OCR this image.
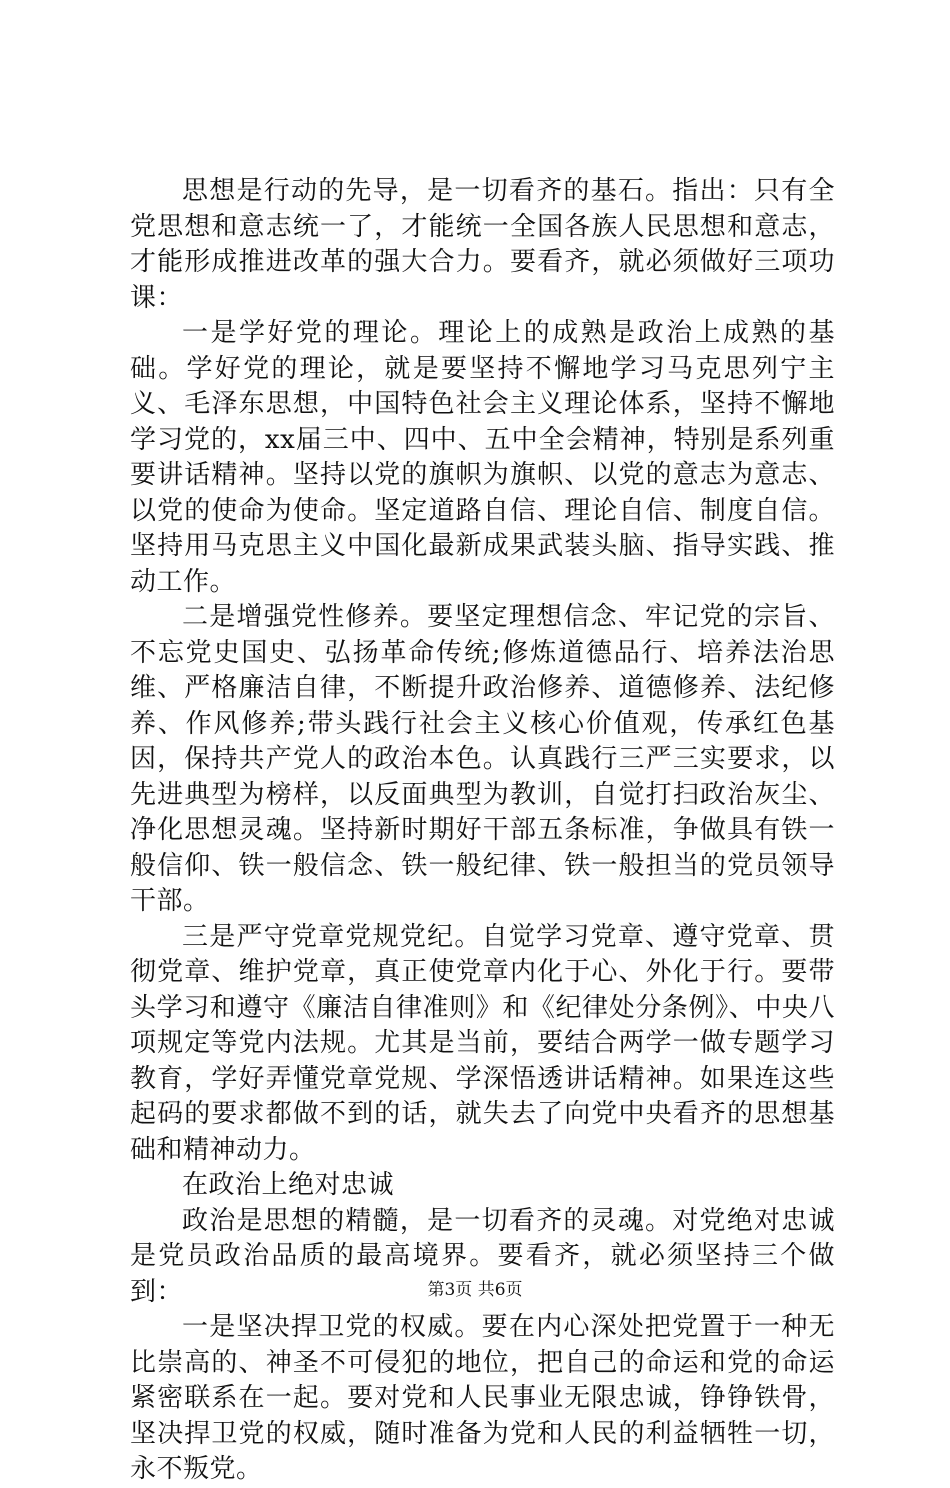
思想是行动的先导，是一切看齐的基石。指出：只有全党思想和意志统一了，才能统一全国各族人民思想和意志，才能形成推进改革的强大合力。要看齐，就必须做好三项功课：

一是学好党的理论。理论上的成熟是政治上成熟的基础。学好党的理论，就是要坚持不懈地学习马克思列宁主义、毛泽东思想，中国特色社会主义理论体系，坚持不懈地学习党的，xx届三中、四中、五中全会精神，特别是系列重要讲话精神。坚持以党的旗帜为旗帜、以党的意志为意志、以党的使命为使命。坚定道路自信、理论自信、制度自信。坚持用马克思主义中国化最新成果武装头脑、指导实践、推动工作。

二是增强党性修养。要坚定理想信念、牢记党的宗旨、不忘党史国史、弘扬革命传统;修炼道德品行、培养法治思维、严格廉洁自律，不断提升政治修养、道德修养、法纪修养、作风修养;带头践行社会主义核心价值观，传承红色基因，保持共产党人的政治本色。认真践行三严三实要求，以先进典型为榜样，以反面典型为教训，自觉打扫政治灰尘、净化思想灵魂。坚持新时期好干部五条标准，争做具有铁一般信仰、铁一般信念、铁一般纪律、铁一般担当的党员领导干部。

三是严守党章党规党纪。自觉学习党章、遵守党章、贯彻党章、维护党章，真正使党章内化于心、外化于行。要带头学习和遵守《廉洁自律准则》和《纪律处分条例》、中央八项规定等党内法规。尤其是当前，要结合两学一做专题学习教育，学好弄懂党章党规、学深悟透讲话精神。如果连这些起码的要求都做不到的话，就失去了向党中央看齐的思想基础和精神动力。

在政治上绝对忠诚

政治是思想的精髓，是一切看齐的灵魂。对党绝对忠诚是党员政治品质的最高境界。要看齐，就必须坚持三个做到：

一是坚决捍卫党的权威。要在内心深处把党置于一种无比崇高的、神圣不可侵犯的地位，把自己的命运和党的命运紧密联系在一起。要对党和人民事业无限忠诚，铮铮铁骨，坚决捍卫党的权威，随时准备为党和人民的利益牺牲一切，永不叛党。

第3页 共6页
